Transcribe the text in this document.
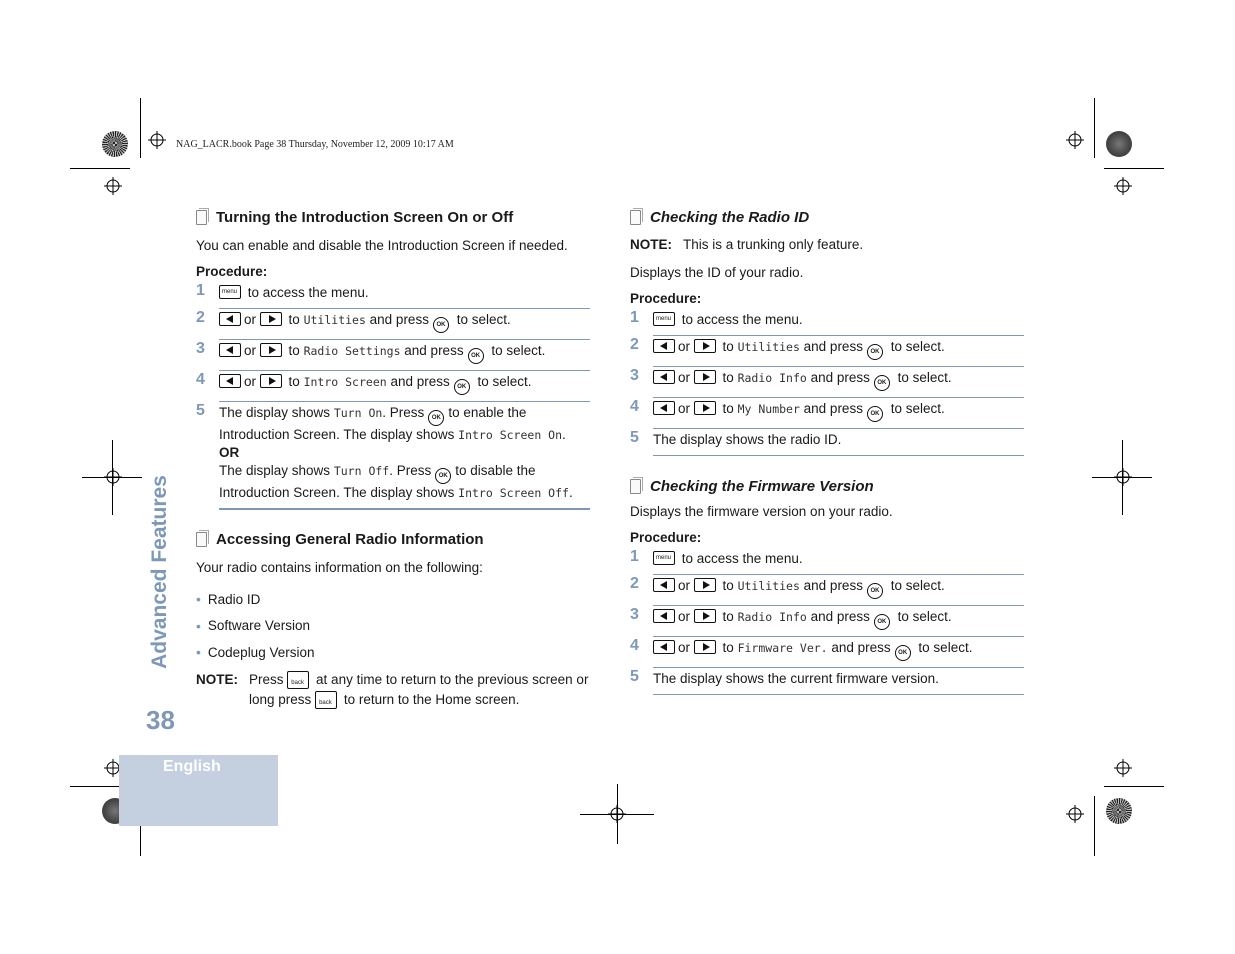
NAG_LACR.book Page 38 Thursday, November 12, 2009 10:17 AM
Advanced Features
38
English
Turning the Introduction Screen On or Off
You can enable and disable the Introduction Screen if needed.
Procedure:
1 menu	to access the menu.
2	or to Utilities and press OK to select.
3	or to Radio Settings and press OK to select.
4	or to Intro Screen and press OK to select.
5 The display shows Turn On. Press OK to enable the Introduction Screen. The display shows Intro Screen On.
OR
The display shows Turn Off. Press OK to disable the Introduction Screen. The display shows Intro Screen Off.
Accessing General Radio Information
Your radio contains information on the following:
• Radio ID
• Software Version
• Codeplug Version
NOTE: Press back at any time to return to the previous screen or long press back to return to the Home screen.
Checking the Radio ID
NOTE: This is a trunking only feature.
Displays the ID of your radio.
Procedure:
1 menu	to access the menu.
2	or to Utilities and press OK to select.
3	or to Radio Info and press OK to select.
4	or to My Number and press OK to select.
5 The display shows the radio ID.
Checking the Firmware Version
Displays the firmware version on your radio.
Procedure:
1 menu	to access the menu.
2	or to Utilities and press OK to select.
3	or to Radio Info and press OK to select.
4	or to Firmware Ver. and press OK to select.
5 The display shows the current firmware version.
